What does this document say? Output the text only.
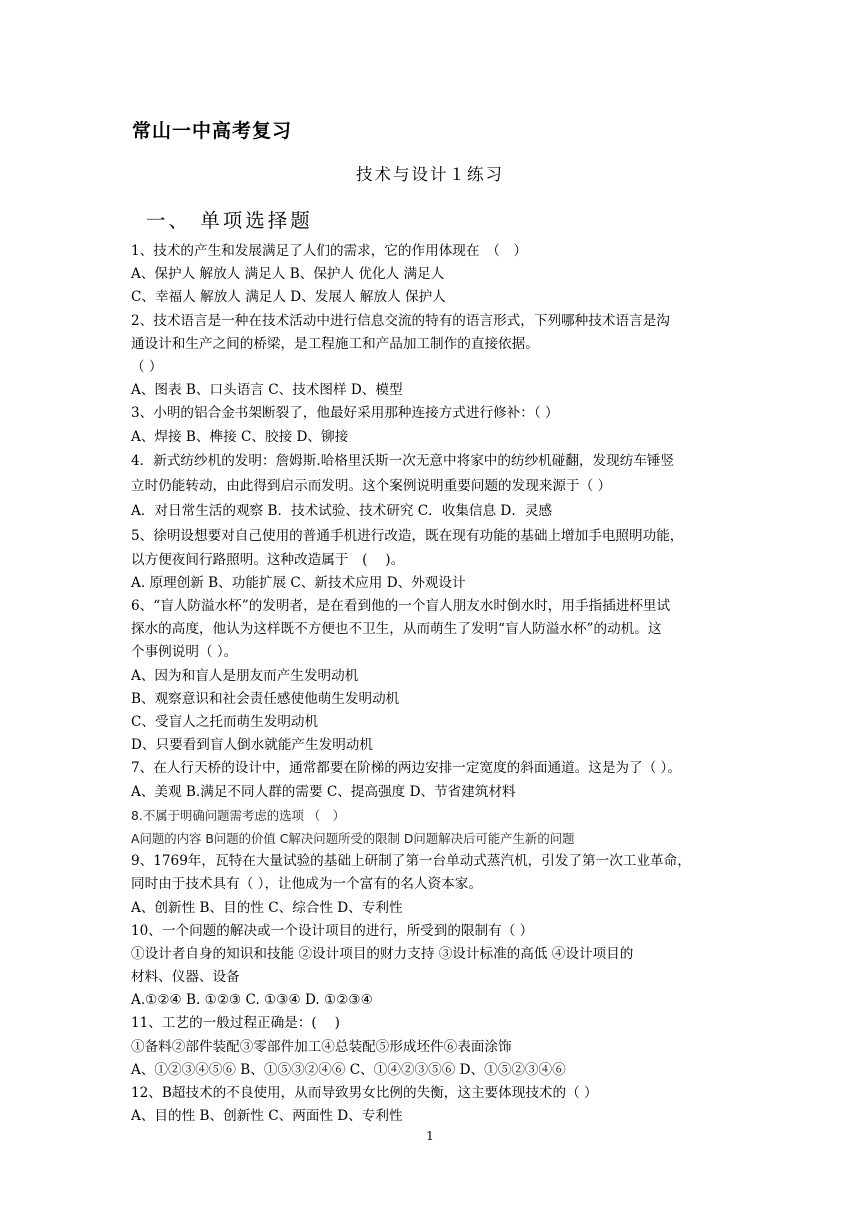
常山一中高考复习
技术与设计１练习
一、 单项选择题
1、技术的产生和发展满足了人们的需求，它的作用体现在　（　）
A、保护人 解放人 满足人 B、保护人 优化人 满足人
C、幸福人 解放人 满足人 D、发展人 解放人 保护人
2、技术语言是一种在技术活动中进行信息交流的特有的语言形式，下列哪种技术语言是沟
通设计和生产之间的桥梁，是工程施工和产品加工制作的直接依据。
（ ）
A、图表 B、口头语言 C、技术图样 D、模型
3、小明的铝合金书架断裂了，他最好采用那种连接方式进行修补：（ ）
A、焊接 B、榫接 C、胶接 D、铆接
4．新式纺纱机的发明：詹姆斯.哈格里沃斯一次无意中将家中的纺纱机碰翻，发现纺车锤竖
立时仍能转动，由此得到启示而发明。这个案例说明重要问题的发现来源于（ ）
A．对日常生活的观察 B．技术试验、技术研究 C．收集信息 D．灵感
5、徐明设想要对自己使用的普通手机进行改造，既在现有功能的基础上增加手电照明功能，
以方便夜间行路照明。这种改造属于　(　 )。
A. 原理创新 B、功能扩展 C、新技术应用 D、外观设计
6、“盲人防溢水杯”的发明者，是在看到他的一个盲人朋友水时倒水时，用手指插进杯里试
探水的高度，他认为这样既不方便也不卫生，从而萌生了发明“盲人防溢水杯”的动机。这
个事例说明（ ）。
A、因为和盲人是朋友而产生发明动机
B、观察意识和社会责任感使他萌生发明动机
C、受盲人之托而萌生发明动机
D、只要看到盲人倒水就能产生发明动机
7、在人行天桥的设计中，通常都要在阶梯的两边安排一定宽度的斜面通道。这是为了（ ）。
A、美观 B.满足不同人群的需要 C、提高强度 D、节省建筑材料
8.不属于明确问题需考虑的选项 （　）
A问题的内容 B问题的价值 C解决问题所受的限制 D问题解决后可能产生新的问题
9、1769年，瓦特在大量试验的基础上研制了第一台单动式蒸汽机，引发了第一次工业革命，
同时由于技术具有（ ），让他成为一个富有的名人资本家。
A、创新性 B、目的性 C、综合性 D、专利性
10、一个问题的解决或一个设计项目的进行，所受到的限制有（ ）
①设计者自身的知识和技能 ②设计项目的财力支持 ③设计标准的高低 ④设计项目的
材料、仪器、设备
A.①②④ B. ①②③ C. ①③④ D. ①②③④
11、工艺的一般过程正确是：(　 )
①备料②部件装配③零部件加工④总装配⑤形成坯件⑥表面涂饰
A、①②③④⑤⑥ B、①⑤③②④⑥ C、①④②③⑤⑥ D、①⑤②③④⑥
12、B超技术的不良使用，从而导致男女比例的失衡，这主要体现技术的（ ）
A、目的性 B、创新性 C、两面性 D、专利性
1
